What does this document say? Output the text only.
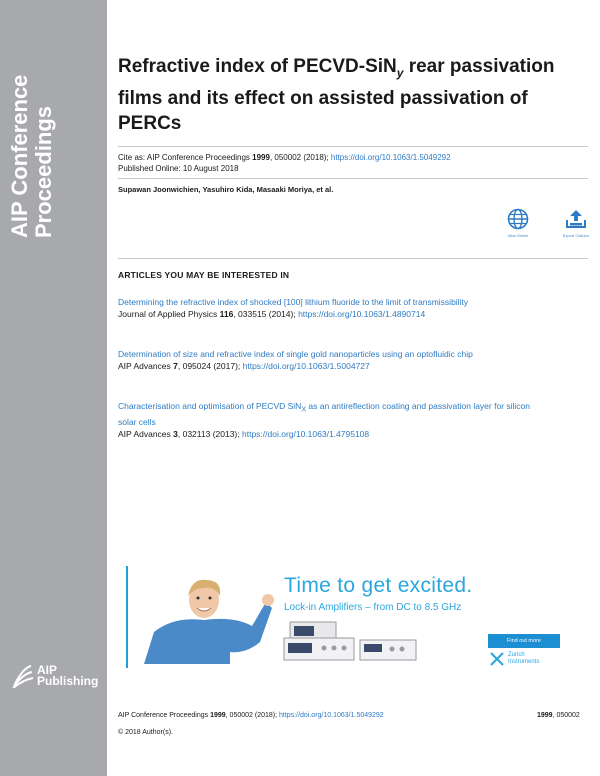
AIP Conference Proceedings
AIP
Publishing
Refractive index of PECVD-SiN$_y$ rear passivation films and its effect on assisted passivation of PERCs
Cite as: AIP Conference Proceedings 1999, 050002 (2018); https://doi.org/10.1063/1.5049292
Published Online: 10 August 2018
Supawan Joonwichien, Yasuhiro Kida, Masaaki Moriya, et al.
View Online	Export Citation
ARTICLES YOU MAY BE INTERESTED IN
Determining the refractive index of shocked [100] lithium fluoride to the limit of transmissibility
Journal of Applied Physics 116, 033515 (2014); https://doi.org/10.1063/1.4890714
Determination of size and refractive index of single gold nanoparticles using an optofluidic chip
AIP Advances 7, 095024 (2017); https://doi.org/10.1063/1.5004727
Characterisation and optimisation of PECVD SiN$_X$ as an antireflection coating and passivation layer for silicon solar cells
AIP Advances 3, 032113 (2013); https://doi.org/10.1063/1.4795108
Time to get excited.
Lock-in Amplifiers – from DC to 8.5 GHz
Find out more
Zurich
Instruments
AIP Conference Proceedings 1999, 050002 (2018); https://doi.org/10.1063/1.5049292	1999, 050002
© 2018 Author(s).
